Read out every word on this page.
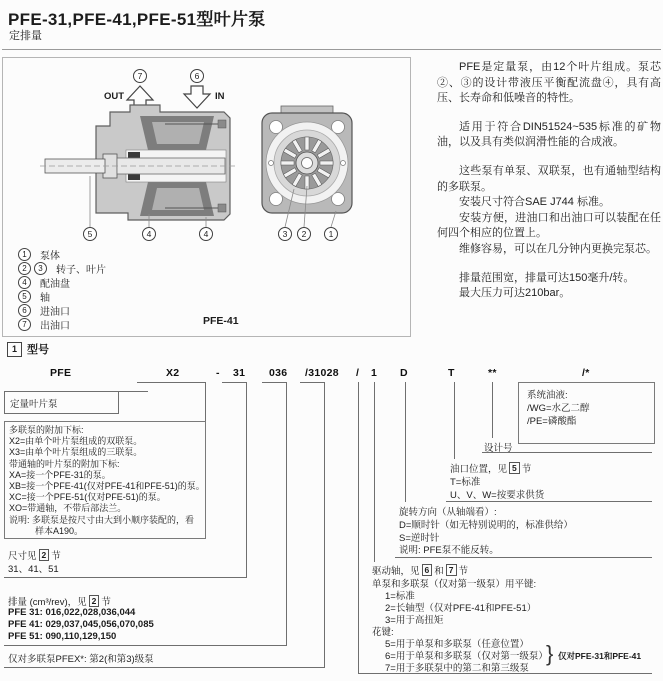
PFE-31,PFE-41,PFE-51型叶片泵
定排量
OUT	IN
7	6
5	4	4	3	2	1
1	泵体
2	3	转子、叶片
4	配油盘
5	轴
6	进油口
7	出油口	PFE-41

PFE是定量泵，由12个叶片组成。泵芯②、③的设计带液压平衡配流盘④，具有高压、长寿命和低噪音的特性。

适用于符合DIN51524~535标准的矿物油，以及具有类似润滑性能的合成液。

这些泵有单泵、双联泵，也有通轴型结构的多联泵。

安装尺寸符合SAE J744 标准。

安装方便，进油口和出油口可以装配在任何四个相应的位置上。

维修容易，可以在几分钟内更换完泵芯。

排量范围宽，排量可达150毫升/转。

最大压力可达210bar。

1 型号
PFE	X2	- 31 036 /31028 / 1 D	T	**	/*
定量叶片泵
多联泵的附加下标:
X2=由单个叶片泵组成的双联泵。
X3=由单个叶片泵组成的三联泵。
带通轴的叶片泵的附加下标:
XA=接一个PFE-31的泵。
XB=接一个PFE-41(仅对PFE-41和PFE-51)的泵。
XC=接一个PFE-51(仅对PFE-51)的泵。
XO=带通轴，不带后部法兰。
说明: 多联泵是按尺寸由大到小顺序装配的，看
样本A190。
尺寸见 2 节
31、41、51
排量 (cm³/rev)，见 2 节
PFE 31: 016,022,028,036,044
PFE 41: 029,037,045,056,070,085
PFE 51: 090,110,129,150
仅对多联泵PFEX*: 第2(和第3)级泵
驱动轴，见 6 和 7 节
单泵和多联泵（仅对第一级泵）用平键:
1=标准
2=长轴型（仅对PFE-41和PFE-51）
3=用于高扭矩
花键:
5=用于单泵和多联泵（任意位置）
6=用于单泵和多联泵（仅对第一级泵）
7=用于多联泵中的第二和第三级泵
} 仅对PFE-31和PFE-41
旋转方向（从轴端看）:
D=顺时针（如无特别说明的，标准供给）
S=逆时针
说明: PFE泵不能反转。
油口位置，见 5 节
T=标准
U、V、W=按要求供货
设计号
系统油液:
/WG=水乙二醇
/PE=磷酸酯
